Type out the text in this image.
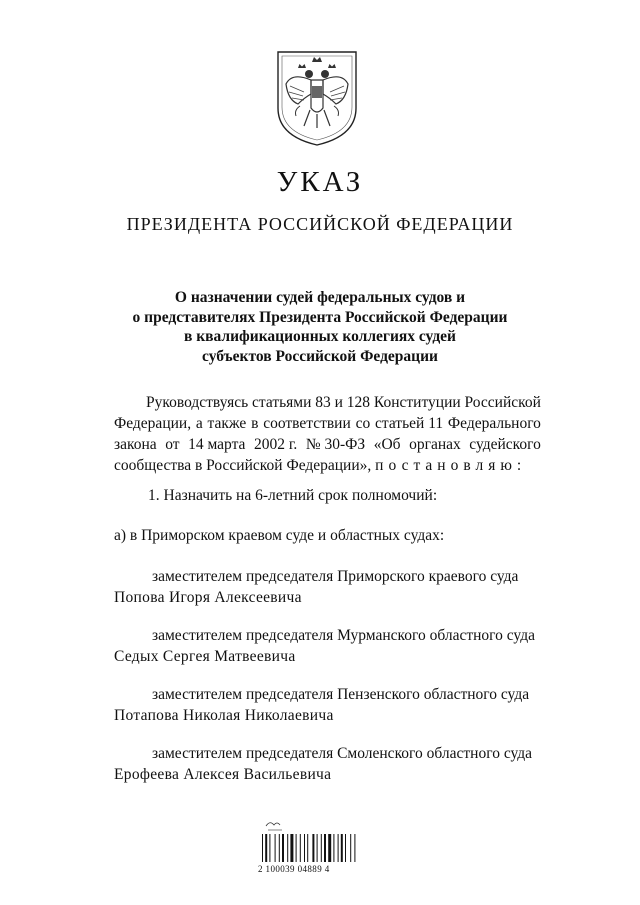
УКАЗ
ПРЕЗИДЕНТА РОССИЙСКОЙ ФЕДЕРАЦИИ
О назначении судей федеральных судов и
о представителях Президента Российской Федерации
в квалификационных коллегиях судей
субъектов Российской Федерации
Руководствуясь статьями 83 и 128 Конституции Российской
Федерации, а также в соответствии со статьей 11 Федерального
закона от 14 марта 2002 г. № 30-ФЗ «Об органах судейского
сообщества в Российской Федерации», постановляю:
1. Назначить на 6-летний срок полномочий:
а) в Приморском краевом суде и областных судах:
заместителем председателя Приморского краевого суда
Попова Игоря Алексеевича
заместителем председателя Мурманского областного суда
Седых Сергея Матвеевича
заместителем председателя Пензенского областного суда
Потапова Николая Николаевича
заместителем председателя Смоленского областного суда
Ерофеева Алексея Васильевича
2 100039 04889 4
